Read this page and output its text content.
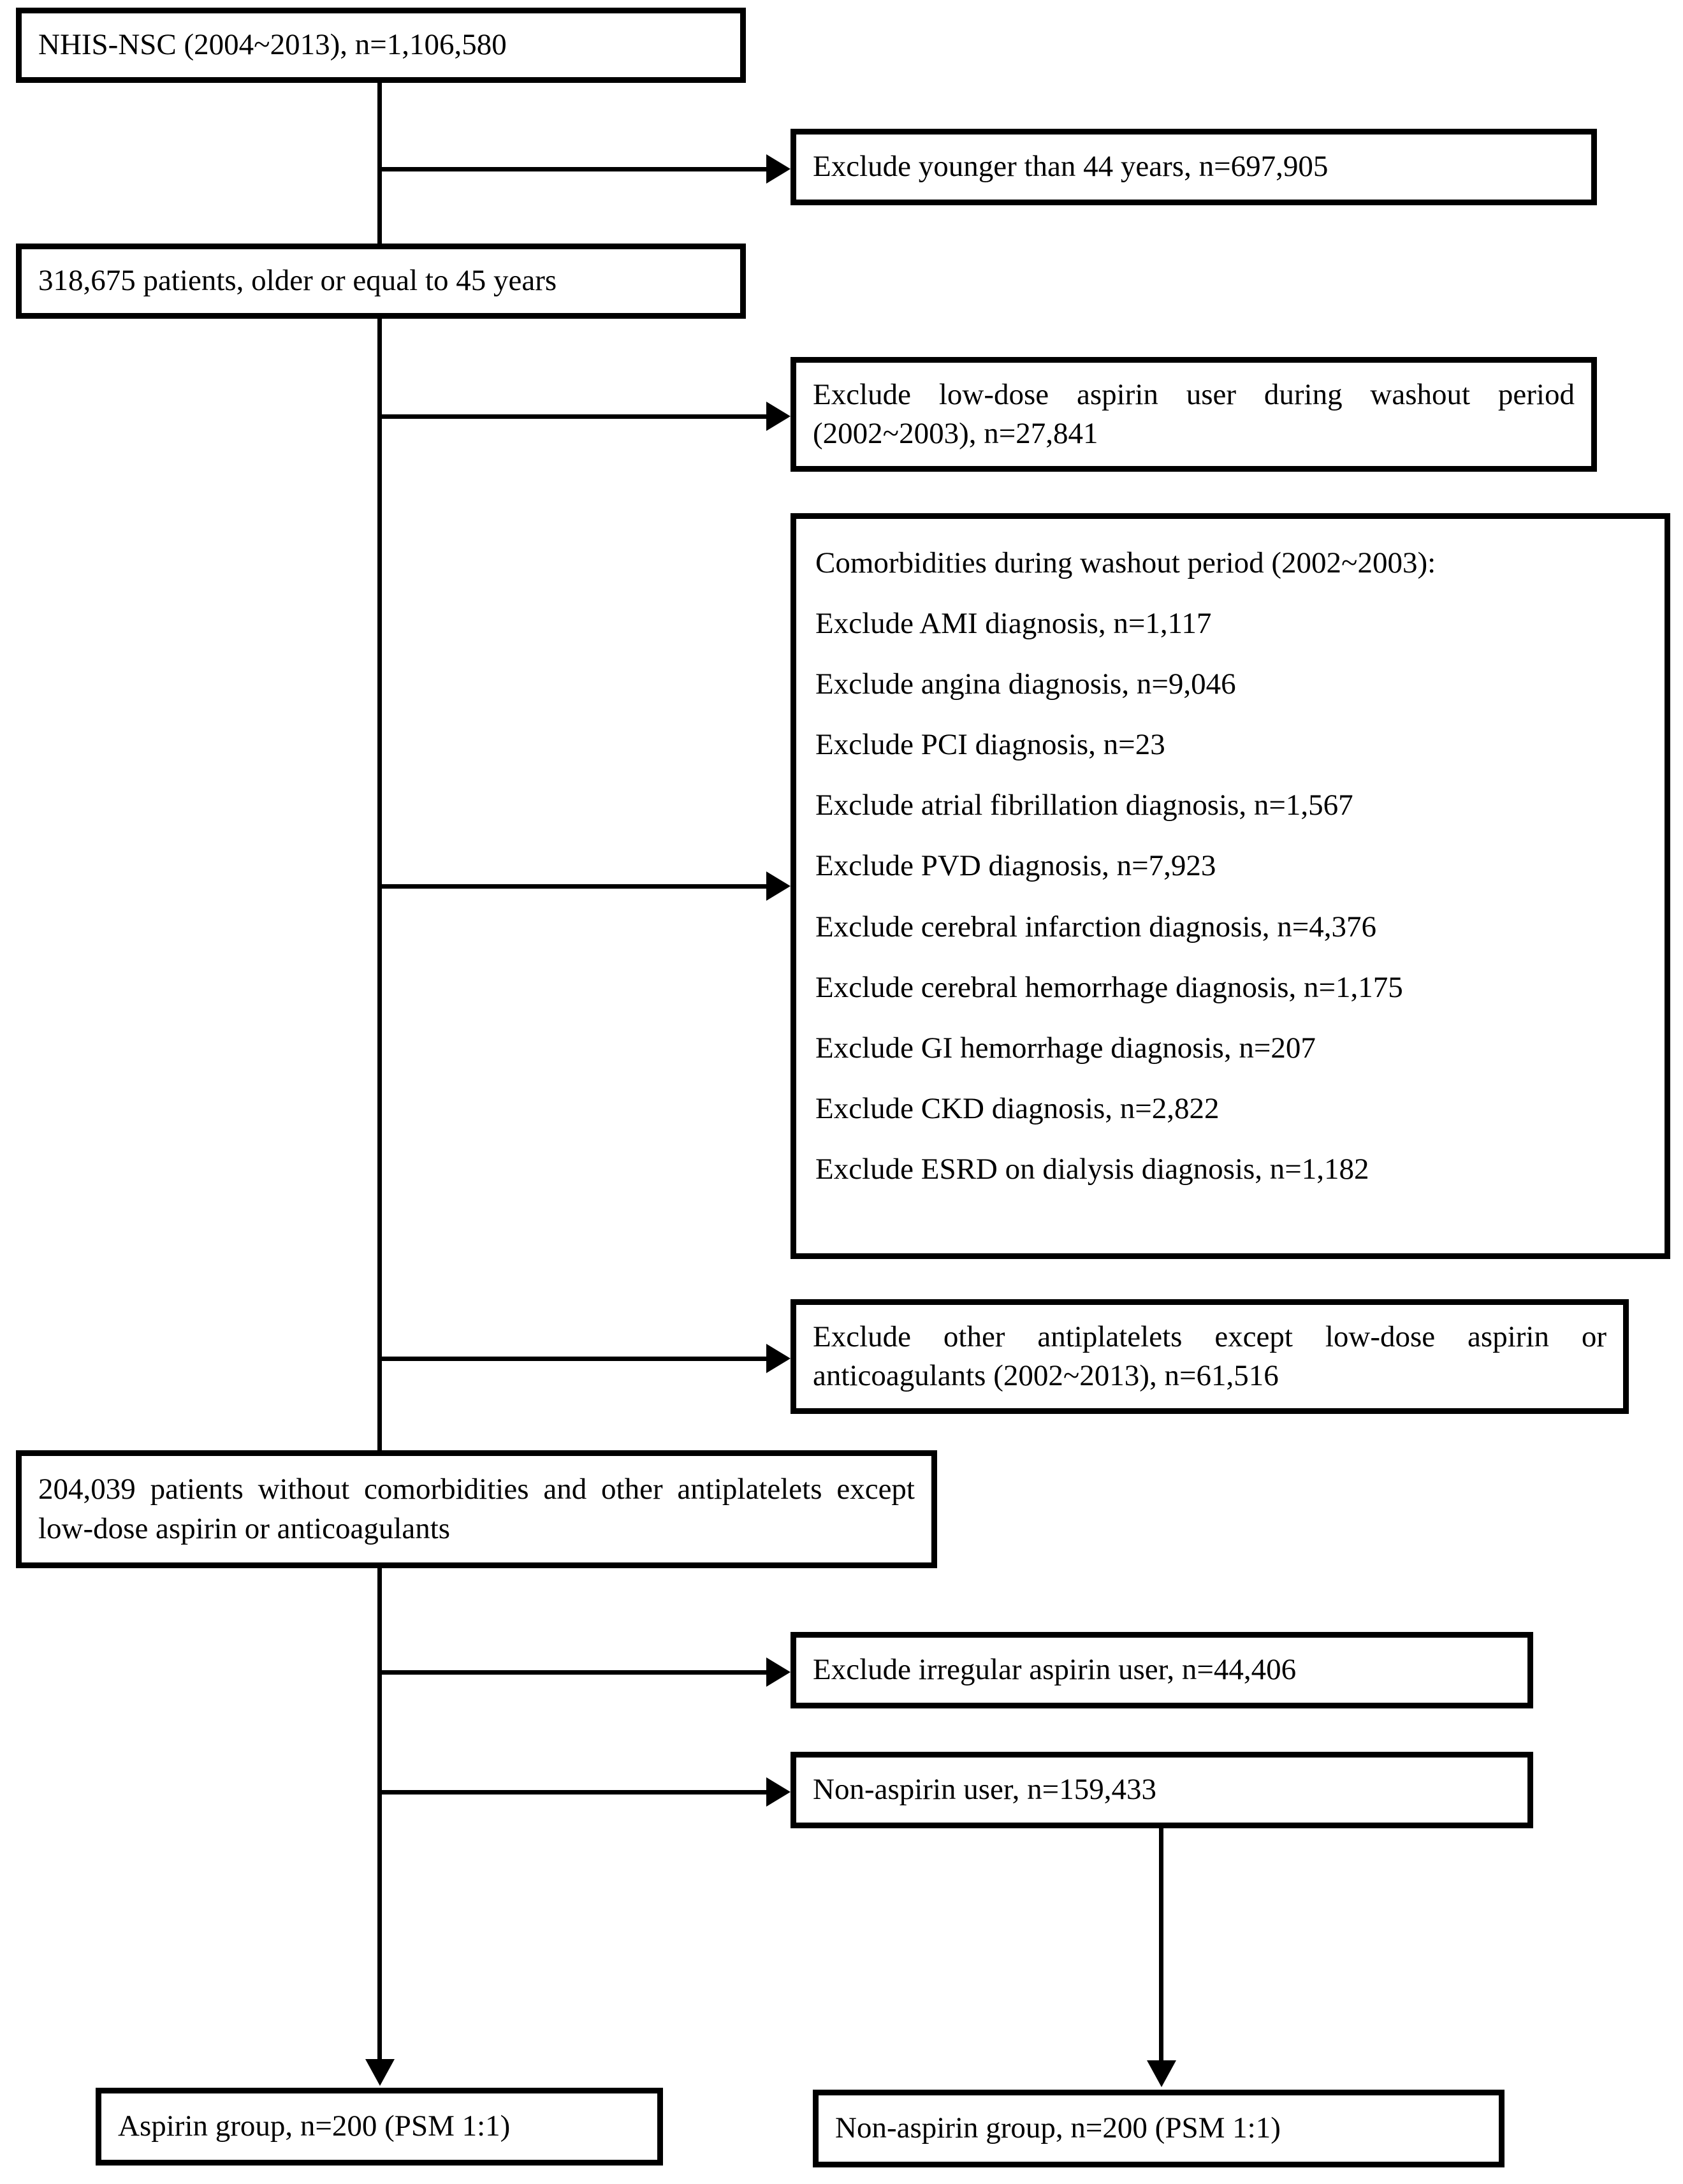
NHIS-NSC (2004~2013), n=1,106,580
Exclude younger than 44 years, n=697,905
318,675 patients, older or equal to 45 years
Exclude low-dose aspirin user during washout period (2002~2003), n=27,841
Comorbidities during washout period (2002~2003):
Exclude AMI diagnosis, n=1,117
Exclude angina diagnosis, n=9,046
Exclude PCI diagnosis, n=23
Exclude atrial fibrillation diagnosis, n=1,567
Exclude PVD diagnosis, n=7,923
Exclude cerebral infarction diagnosis, n=4,376
Exclude cerebral hemorrhage diagnosis, n=1,175
Exclude GI hemorrhage diagnosis, n=207
Exclude CKD diagnosis, n=2,822
Exclude ESRD on dialysis diagnosis, n=1,182
Exclude other antiplatelets except low-dose aspirin or anticoagulants (2002~2013), n=61,516
204,039 patients without comorbidities and other antiplatelets except low-dose aspirin or anticoagulants
Exclude irregular aspirin user, n=44,406
Non-aspirin user, n=159,433
Aspirin group, n=200 (PSM 1:1)	Non-aspirin group, n=200 (PSM 1:1)
